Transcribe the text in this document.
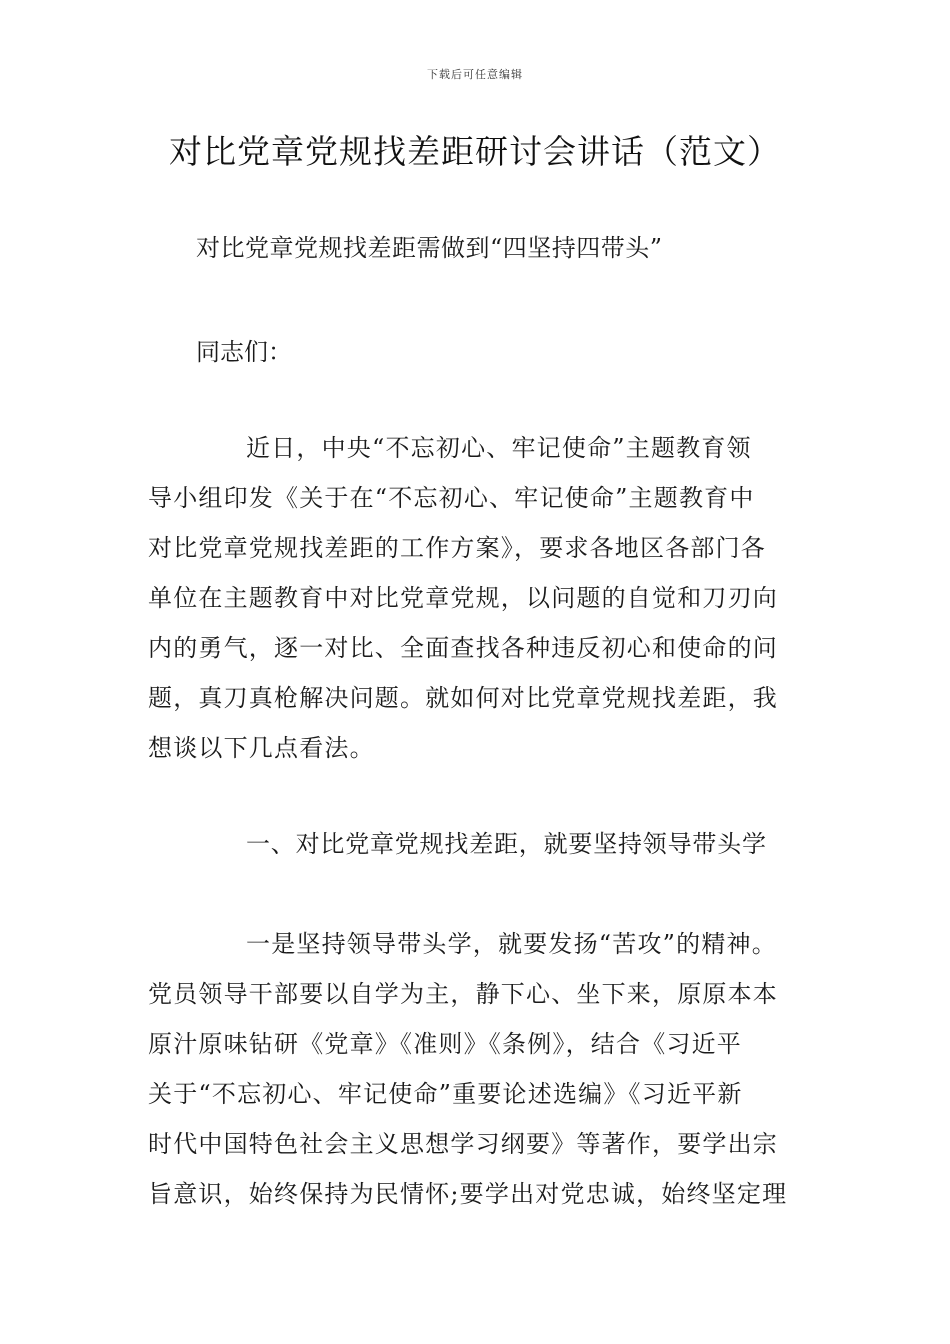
下载后可任意编辑
对比党章党规找差距研讨会讲话（范文）

对比党章党规找差距需做到“四坚持四带头”

同志们：

近日，中央“不忘初心、牢记使命”主题教育领
导小组印发《关于在“不忘初心、牢记使命”主题教育中
对比党章党规找差距的工作方案》，要求各地区各部门各
单位在主题教育中对比党章党规，以问题的自觉和刀刃向
内的勇气，逐一对比、全面查找各种违反初心和使命的问
题，真刀真枪解决问题。就如何对比党章党规找差距，我
想谈以下几点看法。

一、对比党章党规找差距，就要坚持领导带头学

一是坚持领导带头学，就要发扬“苦攻”的精神。
党员领导干部要以自学为主，静下心、坐下来，原原本本
原汁原味钻研《党章》《准则》《条例》，结合《习近平
关于“不忘初心、牢记使命”重要论述选编》《习近平新
时代中国特色社会主义思想学习纲要》等著作，要学出宗
旨意识，始终保持为民情怀;要学出对党忠诚，始终坚定理
